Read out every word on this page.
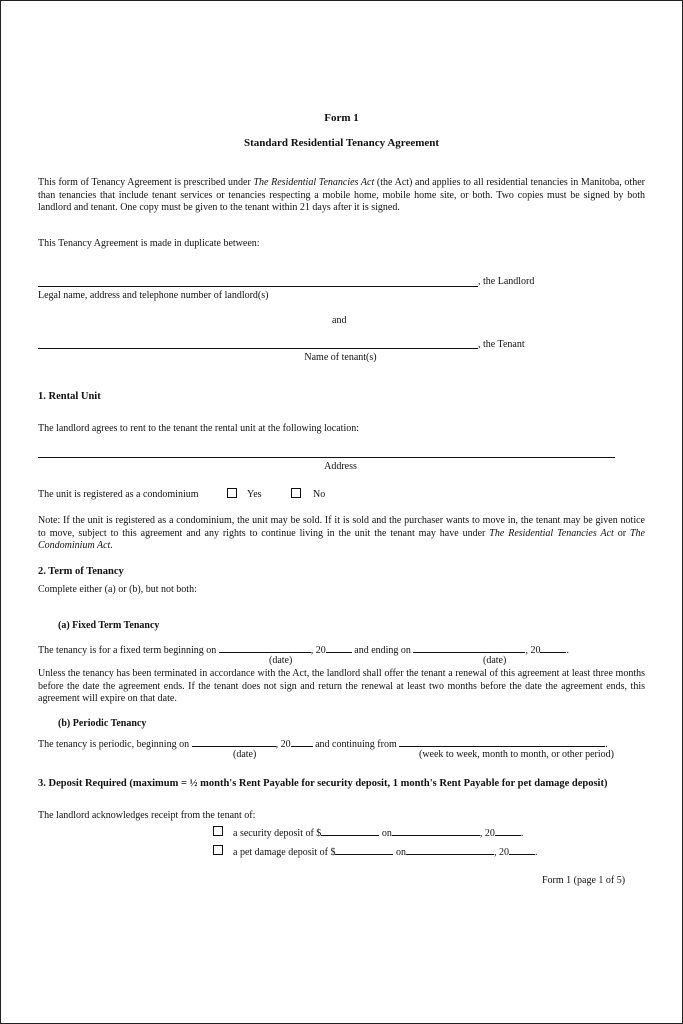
Form 1
Standard Residential Tenancy Agreement
This form of Tenancy Agreement is prescribed under The Residential Tenancies Act (the Act) and applies to all residential tenancies in Manitoba, other than tenancies that include tenant services or tenancies respecting a mobile home, mobile home site, or both. Two copies must be signed by both landlord and tenant. One copy must be given to the tenant within 21 days after it is signed.
This Tenancy Agreement is made in duplicate between:
, the Landlord
Legal name, address and telephone number of landlord(s)
and
, the Tenant
Name of tenant(s)
1. Rental Unit
The landlord agrees to rent to the tenant the rental unit at the following location:
Address
The unit is registered as a condominium	Yes	No
Note: If the unit is registered as a condominium, the unit may be sold. If it is sold and the purchaser wants to move in, the tenant may be given notice to move, subject to this agreement and any rights to continue living in the unit the tenant may have under The Residential Tenancies Act or The Condominium Act.
2. Term of Tenancy
Complete either (a) or (b), but not both:
(a) Fixed Term Tenancy
The tenancy is for a fixed term beginning on	, 20	and ending on	, 20	.
(date)	(date)
Unless the tenancy has been terminated in accordance with the Act, the landlord shall offer the tenant a renewal of this agreement at least three months before the date the agreement ends. If the tenant does not sign and return the renewal at least two months before the date the agreement ends, this agreement will expire on that date.
(b) Periodic Tenancy
The tenancy is periodic, beginning on	, 20 and continuing from	.
(date)	(week to week, month to month, or other period)
3. Deposit Required (maximum = ½ month's Rent Payable for security deposit, 1 month's Rent Payable for pet damage deposit)
The landlord acknowledges receipt from the tenant of:
a security deposit of $	on	, 20	.
a pet damage deposit of $	on	, 20	.
Form 1 (page 1 of 5)
